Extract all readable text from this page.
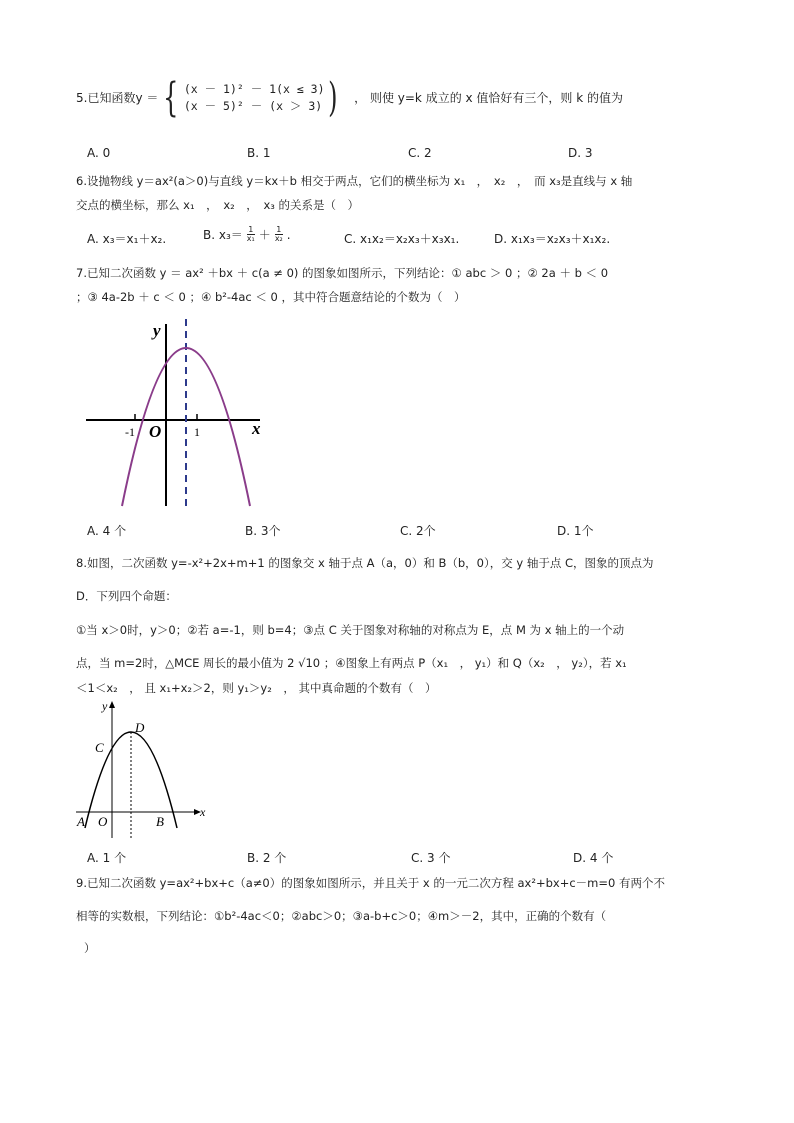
5.已知函数y ＝ { (x － 1)² － 1(x ≤ 3)
(x － 5)² － (x ＞ 3) ) ， 则使 y=k 成立的 x 值恰好有三个，则 k 的值为
A. 0	B. 1	C. 2	D. 3
6.设抛物线 y＝ax²(a＞0)与直线 y＝kx＋b 相交于两点，它们的横坐标为 x₁　，　x₂　，　而 x₃是直线与 x 轴
交点的横坐标，那么 x₁　，　x₂　，　x₃ 的关系是（　）
A. x₃＝x₁＋x₂.	B. $x_3= \frac{1}{\text{x₁}} + \frac{1}{\text{x₂}}$ .	C. x₁x₂＝x₂x₃＋x₃x₁.	D. x₁x₃＝x₂x₃＋x₁x₂.
7.已知二次函数 y ＝ ax² ＋bx ＋ c(a ≠ 0) 的图象如图所示，下列结论：① abc ＞ 0 ；② 2a ＋ b ＜ 0
；③ 4a-2b ＋ c ＜ 0 ；④ b²-4ac ＜ 0 ，其中符合题意结论的个数为（　）
y
x
O
-1	1
A. 4 个	B. 3个	C. 2个	D. 1个
8.如图，二次函数 y=-x²+2x+m+1 的图象交 x 轴于点 A（a，0）和 B（b，0），交 y 轴于点 C，图象的顶点为
D．下列四个命题：
①当 x＞0时，y＞0；②若 a=-1，则 b=4；③点 C 关于图象对称轴的对称点为 E，点 M 为 x 轴上的一个动
点，当 m=2时，△MCE 周长的最小值为 2 √10 ；④图象上有两点 P（x₁　， y₁）和 Q（x₂　， y₂），若 x₁
＜1＜x₂　， 且 x₁+x₂＞2，则 y₁＞y₂　， 其中真命题的个数有（　）
y
x
D
C
A O	B
A. 1 个	B. 2 个	C. 3 个	D. 4 个
9.已知二次函数 y=ax²+bx+c（a≠0）的图象如图所示，并且关于 x 的一元二次方程 ax²+bx+c－m=0 有两个不
相等的实数根，下列结论：①b²-4ac＜0；②abc＞0；③a-b+c＞0；④m＞－2，其中，正确的个数有（
）
